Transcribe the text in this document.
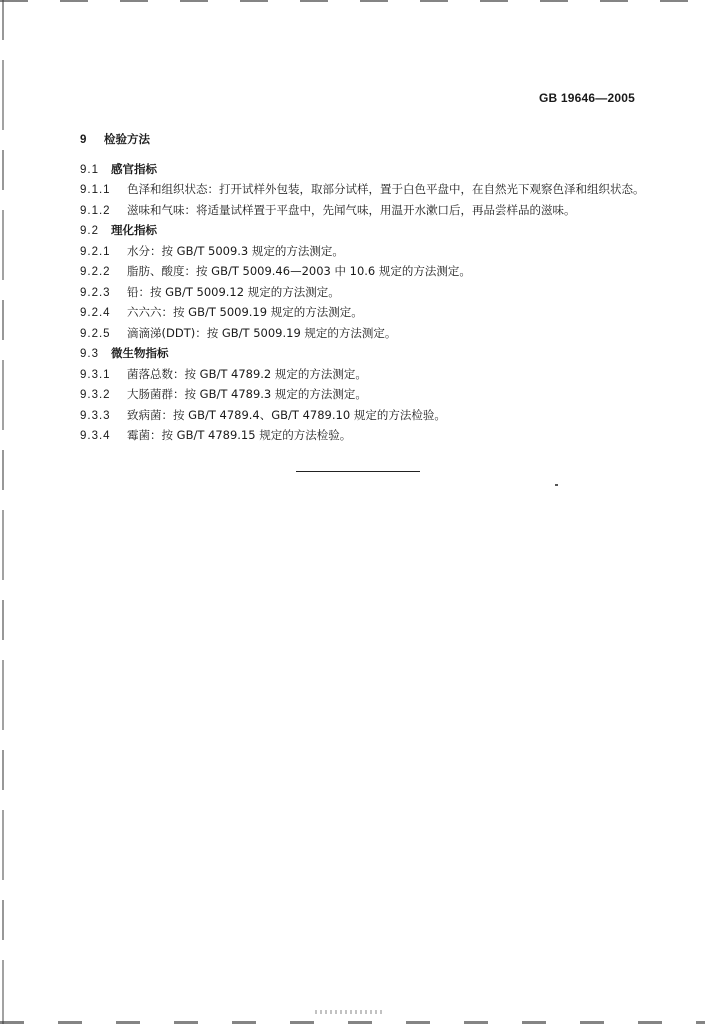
GB 19646—2005
9 检验方法
9.1 感官指标
9.1.1 色泽和组织状态：打开试样外包装，取部分试样，置于白色平盘中，在自然光下观察色泽和组织状态。
9.1.2 滋味和气味：将适量试样置于平盘中，先闻气味，用温开水漱口后，再品尝样品的滋味。
9.2 理化指标
9.2.1 水分：按 GB/T 5009.3 规定的方法测定。
9.2.2 脂肪、酸度：按 GB/T 5009.46—2003 中 10.6 规定的方法测定。
9.2.3 铅：按 GB/T 5009.12 规定的方法测定。
9.2.4 六六六：按 GB/T 5009.19 规定的方法测定。
9.2.5 滴滴涕(DDT)：按 GB/T 5009.19 规定的方法测定。
9.3 微生物指标
9.3.1 菌落总数：按 GB/T 4789.2 规定的方法测定。
9.3.2 大肠菌群：按 GB/T 4789.3 规定的方法测定。
9.3.3 致病菌：按 GB/T 4789.4、GB/T 4789.10 规定的方法检验。
9.3.4 霉菌：按 GB/T 4789.15 规定的方法检验。
